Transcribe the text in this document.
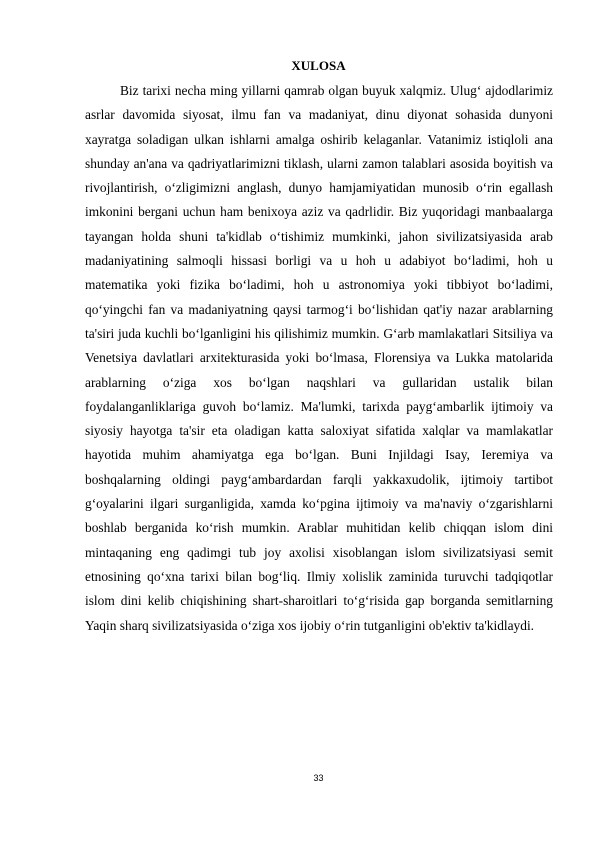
XULOSA

Biz tarixi necha ming yillarni qamrab olgan buyuk xalqmiz. Ulug‘ ajdodlarimiz asrlar davomida siyosat, ilmu fan va madaniyat, dinu diyonat sohasida dunyoni xayratga soladigan ulkan ishlarni amalga oshirib kelaganlar. Vatanimiz istiqloli ana shunday an'ana va qadriyatlarimizni tiklash, ularni zamon talablari asosida boyitish va rivojlantirish, o‘zligimizni anglash, dunyo hamjamiyatidan munosib o‘rin egallash imkonini bergani uchun ham benixoya aziz va qadrlidir. Biz yuqoridagi manbaalarga tayangan holda shuni ta'kidlab o‘tishimiz mumkinki, jahon sivilizatsiyasida arab madaniyatining salmoqli hissasi borligi va u hoh u adabiyot bo‘ladimi, hoh u matematika yoki fizika bo‘ladimi, hoh u astronomiya yoki tibbiyot bo‘ladimi, qo‘yingchi fan va madaniyatning qaysi tarmog‘i bo‘lishidan qat'iy nazar arablarning ta'siri juda kuchli bo‘lganligini his qilishimiz mumkin. G‘arb mamlakatlari Sitsiliya va Venetsiya davlatlari arxitekturasida yoki bo‘lmasa, Florensiya va Lukka matolarida arablarning o‘ziga xos bo‘lgan naqshlari va gullaridan ustalik bilan foydalanganliklariga guvoh bo‘lamiz. Ma'lumki, tarixda payg‘ambarlik ijtimoiy va siyosiy hayotga ta'sir eta oladigan katta saloxiyat sifatida xalqlar va mamlakatlar hayotida muhim ahamiyatga ega bo‘lgan. Buni Injildagi Isay, Ieremiya va boshqalarning oldingi payg‘ambardardan farqli yakkaxudolik, ijtimoiy tartibot g‘oyalarini ilgari surganligida, xamda ko‘pgina ijtimoiy va ma'naviy o‘zgarishlarni boshlab berganida ko‘rish mumkin. Arablar muhitidan kelib chiqqan islom dini mintaqaning eng qadimgi tub joy axolisi xisoblangan islom sivilizatsiyasi semit etnosining qo‘xna tarixi bilan bog‘liq. Ilmiy xolislik zaminida turuvchi tadqiqotlar islom dini kelib chiqishining shart-sharoitlari to‘g‘risida gap borganda semitlarning Yaqin sharq sivilizatsiyasida o‘ziga xos ijobiy o‘rin tutganligini ob'ektiv ta'kidlaydi.

33
